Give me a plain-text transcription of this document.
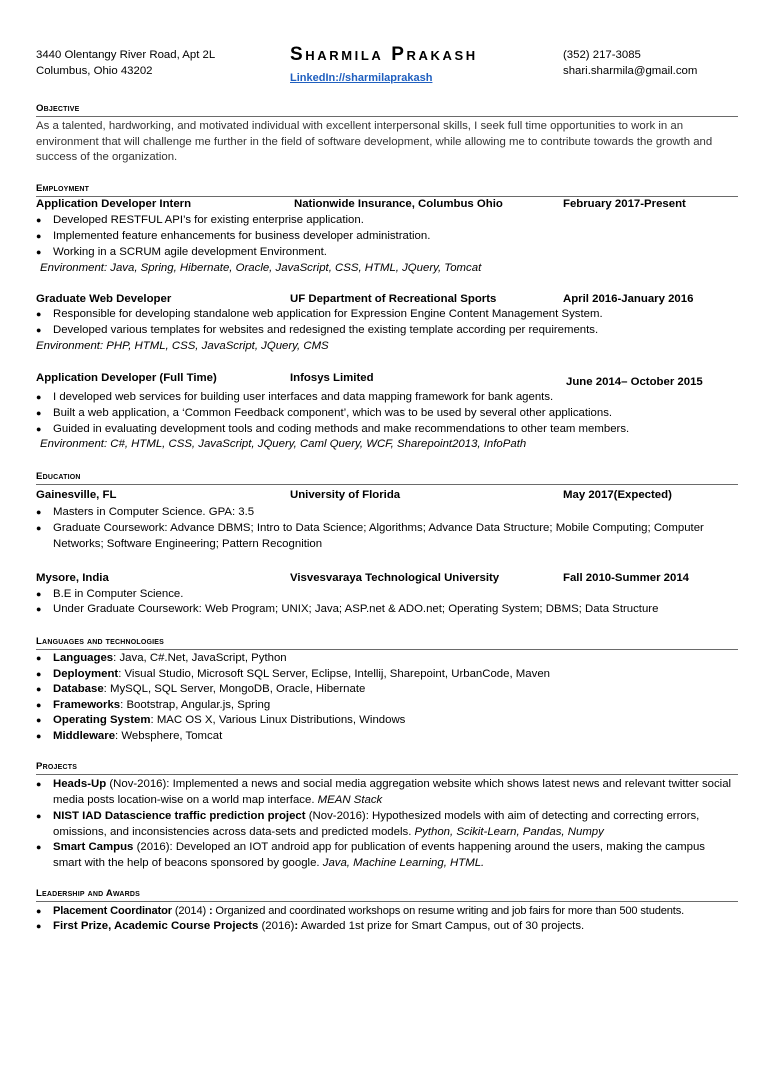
3440 Olentangy River Road, Apt 2L
Columbus, Ohio 43202
Sharmila Prakash
LinkedIn://sharmilaprakash
(352) 217-3085
shari.sharmila@gmail.com
Objective
As a talented, hardworking, and motivated individual with excellent interpersonal skills, I seek full time opportunities to work in an environment that will challenge me further in the field of software development, while allowing me to contribute towards the growth and success of the organization.
Employment
Application Developer Intern	Nationwide Insurance, Columbus Ohio	February 2017-Present
● Developed RESTFUL API’s for existing enterprise application.
● Implemented feature enhancements for business developer administration.
● Working in a SCRUM agile development Environment.
Environment: Java, Spring, Hibernate, Oracle, JavaScript, CSS, HTML, JQuery, Tomcat
Graduate Web Developer	UF Department of Recreational Sports	April 2016-January 2016
● Responsible for developing standalone web application for Expression Engine Content Management System.
● Developed various templates for websites and redesigned the existing template according per requirements.
Environment: PHP, HTML, CSS, JavaScript, JQuery, CMS
Application Developer (Full Time)	Infosys Limited	June 2014– October 2015
● I developed web services for building user interfaces and data mapping framework for bank agents.
● Built a web application, a ‘Common Feedback component’, which was to be used by several other applications.
● Guided in evaluating development tools and coding methods and make recommendations to other team members.
Environment: C#, HTML, CSS, JavaScript, JQuery, Caml Query, WCF, Sharepoint2013, InfoPath
Education
Gainesville, FL	University of Florida	May 2017(Expected)
● Masters in Computer Science. GPA: 3.5
● Graduate Coursework: Advance DBMS; Intro to Data Science; Algorithms; Advance Data Structure; Mobile Computing; Computer Networks; Software Engineering; Pattern Recognition
Mysore, India	Visvesvaraya Technological University	Fall 2010-Summer 2014
● B.E in Computer Science.
● Under Graduate Coursework: Web Program; UNIX; Java; ASP.net & ADO.net; Operating System; DBMS; Data Structure
Languages and technologies
● Languages: Java, C#.Net, JavaScript, Python
● Deployment: Visual Studio, Microsoft SQL Server, Eclipse, Intellij, Sharepoint, UrbanCode, Maven
● Database: MySQL, SQL Server, MongoDB, Oracle, Hibernate
● Frameworks: Bootstrap, Angular.js, Spring
● Operating System: MAC OS X, Various Linux Distributions, Windows
● Middleware: Websphere, Tomcat
Projects
● Heads-Up (Nov-2016): Implemented a news and social media aggregation website which shows latest news and relevant twitter social media posts location-wise on a world map interface. MEAN Stack
● NIST IAD Datascience traffic prediction project (Nov-2016): Hypothesized models with aim of detecting and correcting errors, omissions, and inconsistencies across data-sets and predicted models. Python, Scikit-Learn, Pandas, Numpy
● Smart Campus (2016): Developed an IOT android app for publication of events happening around the users, making the campus smart with the help of beacons sponsored by google. Java, Machine Learning, HTML.
Leadership and Awards
● Placement Coordinator (2014) : Organized and coordinated workshops on resume writing and job fairs for more than 500 students.
● First Prize, Academic Course Projects (2016): Awarded 1st prize for Smart Campus, out of 30 projects.
